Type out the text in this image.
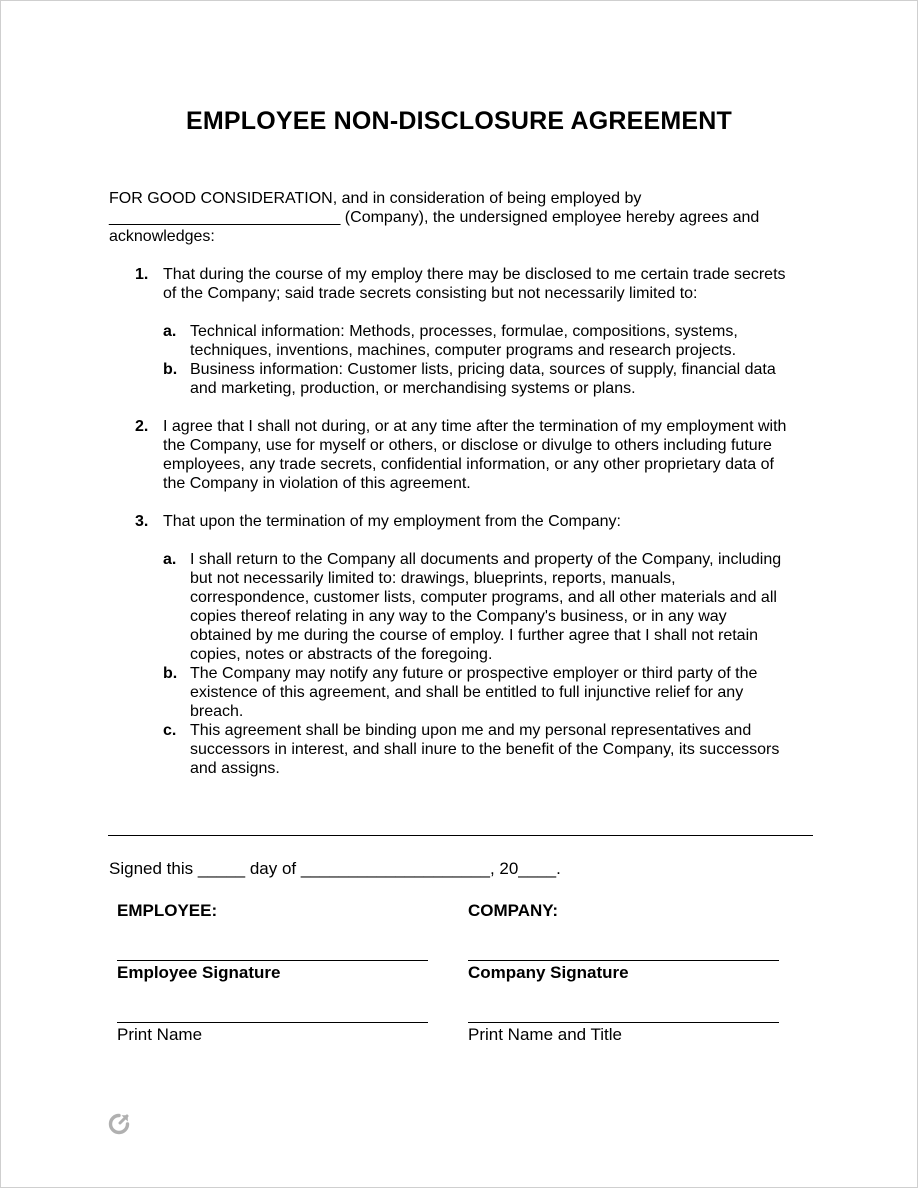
EMPLOYEE NON-DISCLOSURE AGREEMENT
FOR GOOD CONSIDERATION, and in consideration of being employed by
__________________________ (Company), the undersigned employee hereby agrees and
acknowledges:
1. That during the course of my employ there may be disclosed to me certain trade secrets
of the Company; said trade secrets consisting but not necessarily limited to:
a. Technical information: Methods, processes, formulae, compositions, systems,
techniques, inventions, machines, computer programs and research projects.
b. Business information: Customer lists, pricing data, sources of supply, financial data
and marketing, production, or merchandising systems or plans.
2. I agree that I shall not during, or at any time after the termination of my employment with
the Company, use for myself or others, or disclose or divulge to others including future
employees, any trade secrets, confidential information, or any other proprietary data of
the Company in violation of this agreement.
3. That upon the termination of my employment from the Company:
a. I shall return to the Company all documents and property of the Company, including
but not necessarily limited to: drawings, blueprints, reports, manuals,
correspondence, customer lists, computer programs, and all other materials and all
copies thereof relating in any way to the Company's business, or in any way
obtained by me during the course of employ. I further agree that I shall not retain
copies, notes or abstracts of the foregoing.
b. The Company may notify any future or prospective employer or third party of the
existence of this agreement, and shall be entitled to full injunctive relief for any
breach.
c. This agreement shall be binding upon me and my personal representatives and
successors in interest, and shall inure to the benefit of the Company, its successors
and assigns.
Signed this _____ day of ____________________, 20____.
EMPLOYEE:	COMPANY:
Employee Signature	Company Signature
Print Name	Print Name and Title
